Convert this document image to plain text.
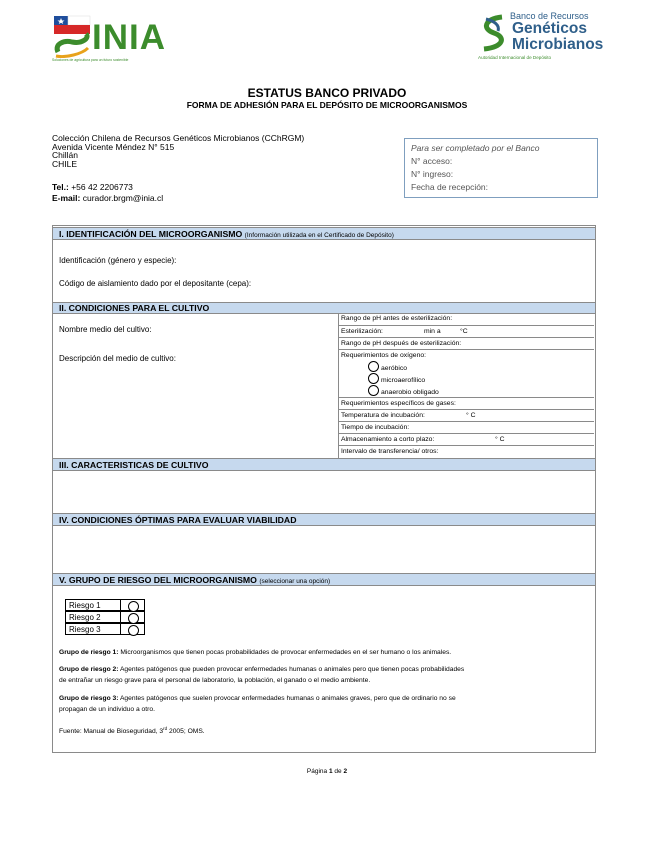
INIA
Soluciones de agricultura para un futuro sostenible
Banco de Recursos
Genéticos
Microbianos
Autoridad Internacional de Depósito
ESTATUS BANCO PRIVADO
FORMA DE ADHESIÓN PARA EL DEPÓSITO DE MICROORGANISMOS
Colección Chilena de Recursos Genéticos Microbianos (CChRGM)
Avenida Vicente Méndez N° 515
Chillán
CHILE
Tel.: +56 42 2206773
E-mail: curador.brgm@inia.cl
Para ser completado por el Banco
N° acceso:
N° ingreso:
Fecha de recepción:
I. IDENTIFICACIÓN DEL MICROORGANISMO (Información utilizada en el Certificado de Depósito)
Identificación (género y especie):
Código de aislamiento dado por el depositante (cepa):
II. CONDICIONES PARA EL CULTIVO
Nombre medio del cultivo:
Descripción del medio de cultivo:
Rango de pH antes de esterilización:
Esterilización:	min a	°C
Rango de pH después de esterilización:
Requerimientos de oxígeno:
aeróbico
microaerofílico
anaerobio obligado
Requerimientos específicos de gases:
Temperatura de incubación:	° C
Tiempo de incubación:
Almacenamiento a corto plazo:	° C
Intervalo de transferencia/ otros:
III. CARACTERISTICAS DE CULTIVO
IV. CONDICIONES ÓPTIMAS PARA EVALUAR VIABILIDAD
V. GRUPO DE RIESGO DEL MICROORGANISMO (seleccionar una opción)
Riesgo 1
Riesgo 2
Riesgo 3
Grupo de riesgo 1: Microorganismos que tienen pocas probabilidades de provocar enfermedades en el ser humano o los animales.
Grupo de riesgo 2: Agentes patógenos que pueden provocar enfermedades humanas o animales pero que tienen pocas probabilidades
de entrañar un riesgo grave para el personal de laboratorio, la población, el ganado o el medio ambiente.
Grupo de riesgo 3: Agentes patógenos que suelen provocar enfermedades humanas o animales graves, pero que de ordinario no se
propagan de un individuo a otro.
Fuente: Manual de Bioseguridad, 3rd 2005; OMS.
Página 1 de 2
